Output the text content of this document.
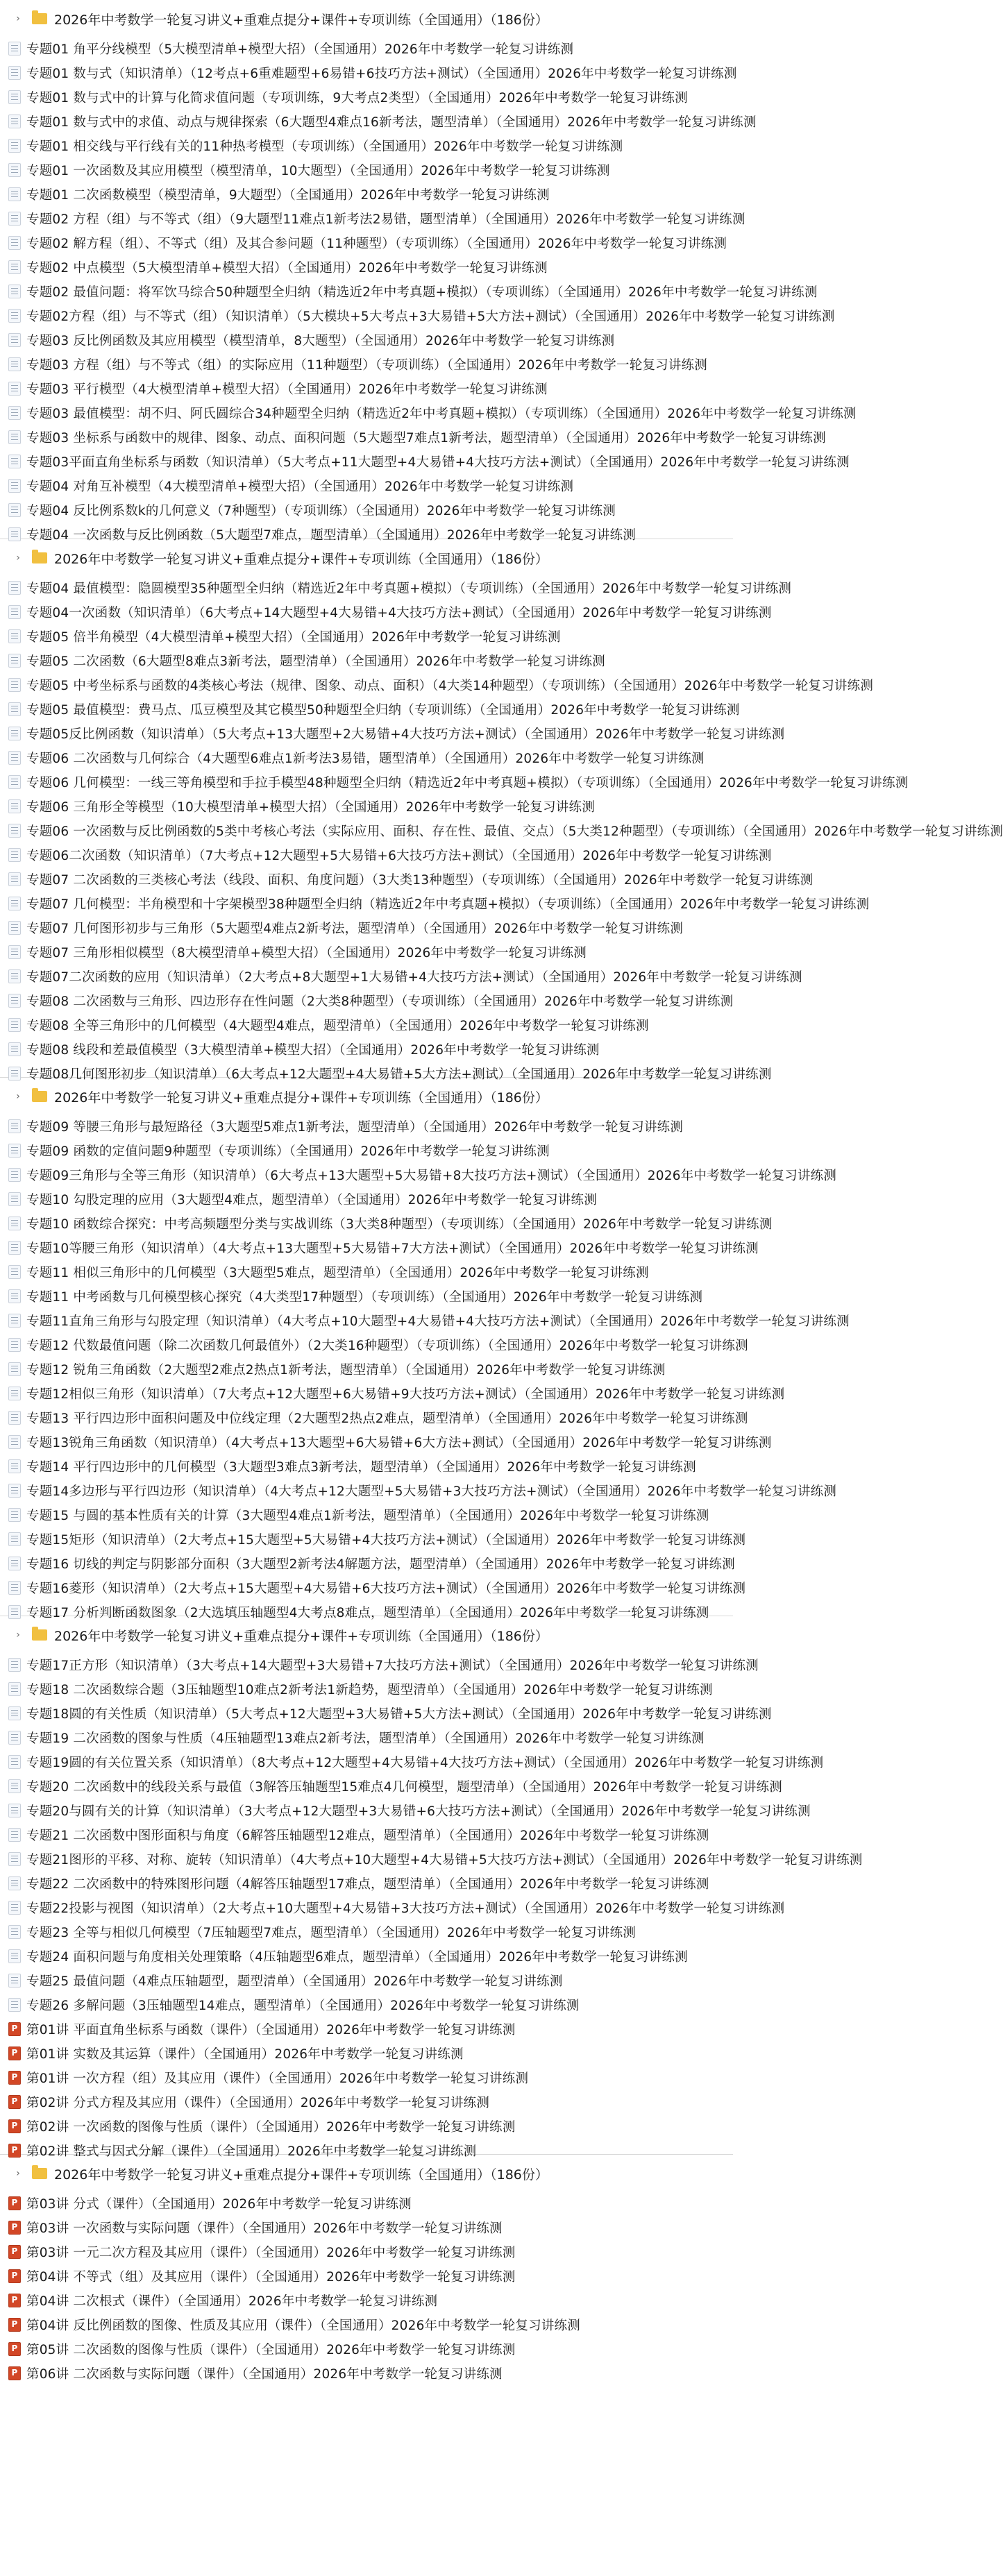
›	2026年中考数学一轮复习讲义+重难点提分+课件+专项训练（全国通用）（186份）
专题01 角平分线模型（5大模型清单+模型大招）（全国通用）2026年中考数学一轮复习讲练测
专题01 数与式（知识清单）（12考点+6重难题型+6易错+6技巧方法+测试）（全国通用）2026年中考数学一轮复习讲练测
专题01 数与式中的计算与化简求值问题（专项训练，9大考点2类型）（全国通用）2026年中考数学一轮复习讲练测
专题01 数与式中的求值、动点与规律探索（6大题型4难点16新考法，题型清单）（全国通用）2026年中考数学一轮复习讲练测
专题01 相交线与平行线有关的11种热考模型（专项训练）（全国通用）2026年中考数学一轮复习讲练测
专题01 一次函数及其应用模型（模型清单，10大题型）（全国通用）2026年中考数学一轮复习讲练测
专题01 二次函数模型（模型清单，9大题型）（全国通用）2026年中考数学一轮复习讲练测
专题02 方程（组）与不等式（组）（9大题型11难点1新考法2易错，题型清单）（全国通用）2026年中考数学一轮复习讲练测
专题02 解方程（组）、不等式（组）及其合参问题（11种题型）（专项训练）（全国通用）2026年中考数学一轮复习讲练测
专题02 中点模型（5大模型清单+模型大招）（全国通用）2026年中考数学一轮复习讲练测
专题02 最值问题：将军饮马综合50种题型全归纳（精选近2年中考真题+模拟）（专项训练）（全国通用）2026年中考数学一轮复习讲练测
专题02方程（组）与不等式（组）（知识清单）（5大模块+5大考点+3大易错+5大方法+测试）（全国通用）2026年中考数学一轮复习讲练测
专题03 反比例函数及其应用模型（模型清单，8大题型）（全国通用）2026年中考数学一轮复习讲练测
专题03 方程（组）与不等式（组）的实际应用（11种题型）（专项训练）（全国通用）2026年中考数学一轮复习讲练测
专题03 平行模型（4大模型清单+模型大招）（全国通用）2026年中考数学一轮复习讲练测
专题03 最值模型：胡不归、阿氏圆综合34种题型全归纳（精选近2年中考真题+模拟）（专项训练）（全国通用）2026年中考数学一轮复习讲练测
专题03 坐标系与函数中的规律、图象、动点、面积问题（5大题型7难点1新考法，题型清单）（全国通用）2026年中考数学一轮复习讲练测
专题03平面直角坐标系与函数（知识清单）（5大考点+11大题型+4大易错+4大技巧方法+测试）（全国通用）2026年中考数学一轮复习讲练测
专题04 对角互补模型（4大模型清单+模型大招）（全国通用）2026年中考数学一轮复习讲练测
专题04 反比例系数k的几何意义（7种题型）（专项训练）（全国通用）2026年中考数学一轮复习讲练测
专题04 一次函数与反比例函数（5大题型7难点，题型清单）（全国通用）2026年中考数学一轮复习讲练测
›	2026年中考数学一轮复习讲义+重难点提分+课件+专项训练（全国通用）（186份）
专题04 最值模型：隐圆模型35种题型全归纳（精选近2年中考真题+模拟）（专项训练）（全国通用）2026年中考数学一轮复习讲练测
专题04一次函数（知识清单）（6大考点+14大题型+4大易错+4大技巧方法+测试）（全国通用）2026年中考数学一轮复习讲练测
专题05 倍半角模型（4大模型清单+模型大招）（全国通用）2026年中考数学一轮复习讲练测
专题05 二次函数（6大题型8难点3新考法，题型清单）（全国通用）2026年中考数学一轮复习讲练测
专题05 中考坐标系与函数的4类核心考法（规律、图象、动点、面积）（4大类14种题型）（专项训练）（全国通用）2026年中考数学一轮复习讲练测
专题05 最值模型：费马点、瓜豆模型及其它模型50种题型全归纳（专项训练）（全国通用）2026年中考数学一轮复习讲练测
专题05反比例函数（知识清单）（5大考点+13大题型+2大易错+4大技巧方法+测试）（全国通用）2026年中考数学一轮复习讲练测
专题06 二次函数与几何综合（4大题型6难点1新考法3易错，题型清单）（全国通用）2026年中考数学一轮复习讲练测
专题06 几何模型：一线三等角模型和手拉手模型48种题型全归纳（精选近2年中考真题+模拟）（专项训练）（全国通用）2026年中考数学一轮复习讲练测
专题06 三角形全等模型（10大模型清单+模型大招）（全国通用）2026年中考数学一轮复习讲练测
专题06 一次函数与反比例函数的5类中考核心考法（实际应用、面积、存在性、最值、交点）（5大类12种题型）（专项训练）（全国通用）2026年中考数学一轮复习讲练测
专题06二次函数（知识清单）（7大考点+12大题型+5大易错+6大技巧方法+测试）（全国通用）2026年中考数学一轮复习讲练测
专题07 二次函数的三类核心考法（线段、面积、角度问题）（3大类13种题型）（专项训练）（全国通用）2026年中考数学一轮复习讲练测
专题07 几何模型：半角模型和十字架模型38种题型全归纳（精选近2年中考真题+模拟）（专项训练）（全国通用）2026年中考数学一轮复习讲练测
专题07 几何图形初步与三角形（5大题型4难点2新考法，题型清单）（全国通用）2026年中考数学一轮复习讲练测
专题07 三角形相似模型（8大模型清单+模型大招）（全国通用）2026年中考数学一轮复习讲练测
专题07二次函数的应用（知识清单）（2大考点+8大题型+1大易错+4大技巧方法+测试）（全国通用）2026年中考数学一轮复习讲练测
专题08 二次函数与三角形、四边形存在性问题（2大类8种题型）（专项训练）（全国通用）2026年中考数学一轮复习讲练测
专题08 全等三角形中的几何模型（4大题型4难点，题型清单）（全国通用）2026年中考数学一轮复习讲练测
专题08 线段和差最值模型（3大模型清单+模型大招）（全国通用）2026年中考数学一轮复习讲练测
专题08几何图形初步（知识清单）（6大考点+12大题型+4大易错+5大方法+测试）（全国通用）2026年中考数学一轮复习讲练测
›	2026年中考数学一轮复习讲义+重难点提分+课件+专项训练（全国通用）（186份）
专题09 等腰三角形与最短路径（3大题型5难点1新考法，题型清单）（全国通用）2026年中考数学一轮复习讲练测
专题09 函数的定值问题9种题型（专项训练）（全国通用）2026年中考数学一轮复习讲练测
专题09三角形与全等三角形（知识清单）（6大考点+13大题型+5大易错+8大技巧方法+测试）（全国通用）2026年中考数学一轮复习讲练测
专题10 勾股定理的应用（3大题型4难点，题型清单）（全国通用）2026年中考数学一轮复习讲练测
专题10 函数综合探究：中考高频题型分类与实战训练（3大类8种题型）（专项训练）（全国通用）2026年中考数学一轮复习讲练测
专题10等腰三角形（知识清单）（4大考点+13大题型+5大易错+7大方法+测试）（全国通用）2026年中考数学一轮复习讲练测
专题11 相似三角形中的几何模型（3大题型5难点，题型清单）（全国通用）2026年中考数学一轮复习讲练测
专题11 中考函数与几何模型核心探究（4大类型17种题型）（专项训练）（全国通用）2026年中考数学一轮复习讲练测
专题11直角三角形与勾股定理（知识清单）（4大考点+10大题型+4大易错+4大技巧方法+测试）（全国通用）2026年中考数学一轮复习讲练测
专题12 代数最值问题（除二次函数几何最值外）（2大类16种题型）（专项训练）（全国通用）2026年中考数学一轮复习讲练测
专题12 锐角三角函数（2大题型2难点2热点1新考法，题型清单）（全国通用）2026年中考数学一轮复习讲练测
专题12相似三角形（知识清单）（7大考点+12大题型+6大易错+9大技巧方法+测试）（全国通用）2026年中考数学一轮复习讲练测
专题13 平行四边形中面积问题及中位线定理（2大题型2热点2难点，题型清单）（全国通用）2026年中考数学一轮复习讲练测
专题13锐角三角函数（知识清单）（4大考点+13大题型+6大易错+6大方法+测试）（全国通用）2026年中考数学一轮复习讲练测
专题14 平行四边形中的几何模型（3大题型3难点3新考法，题型清单）（全国通用）2026年中考数学一轮复习讲练测
专题14多边形与平行四边形（知识清单）（4大考点+12大题型+5大易错+3大技巧方法+测试）（全国通用）2026年中考数学一轮复习讲练测
专题15 与圆的基本性质有关的计算（3大题型4难点1新考法，题型清单）（全国通用）2026年中考数学一轮复习讲练测
专题15矩形（知识清单）（2大考点+15大题型+5大易错+4大技巧方法+测试）（全国通用）2026年中考数学一轮复习讲练测
专题16 切线的判定与阴影部分面积（3大题型2新考法4解题方法，题型清单）（全国通用）2026年中考数学一轮复习讲练测
专题16菱形（知识清单）（2大考点+15大题型+4大易错+6大技巧方法+测试）（全国通用）2026年中考数学一轮复习讲练测
专题17 分析判断函数图象（2大选填压轴题型4大考点8难点，题型清单）（全国通用）2026年中考数学一轮复习讲练测
›	2026年中考数学一轮复习讲义+重难点提分+课件+专项训练（全国通用）（186份）
专题17正方形（知识清单）（3大考点+14大题型+3大易错+7大技巧方法+测试）（全国通用）2026年中考数学一轮复习讲练测
专题18 二次函数综合题（3压轴题型10难点2新考法1新趋势，题型清单）（全国通用）2026年中考数学一轮复习讲练测
专题18圆的有关性质（知识清单）（5大考点+12大题型+3大易错+5大方法+测试）（全国通用）2026年中考数学一轮复习讲练测
专题19 二次函数的图象与性质（4压轴题型13难点2新考法，题型清单）（全国通用）2026年中考数学一轮复习讲练测
专题19圆的有关位置关系（知识清单）（8大考点+12大题型+4大易错+4大技巧方法+测试）（全国通用）2026年中考数学一轮复习讲练测
专题20 二次函数中的线段关系与最值（3解答压轴题型15难点4几何模型，题型清单）（全国通用）2026年中考数学一轮复习讲练测
专题20与圆有关的计算（知识清单）（3大考点+12大题型+3大易错+6大技巧方法+测试）（全国通用）2026年中考数学一轮复习讲练测
专题21 二次函数中图形面积与角度（6解答压轴题型12难点，题型清单）（全国通用）2026年中考数学一轮复习讲练测
专题21图形的平移、对称、旋转（知识清单）（4大考点+10大题型+4大易错+5大技巧方法+测试）（全国通用）2026年中考数学一轮复习讲练测
专题22 二次函数中的特殊图形问题（4解答压轴题型17难点，题型清单）（全国通用）2026年中考数学一轮复习讲练测
专题22投影与视图（知识清单）（2大考点+10大题型+4大易错+3大技巧方法+测试）（全国通用）2026年中考数学一轮复习讲练测
专题23 全等与相似几何模型（7压轴题型7难点，题型清单）（全国通用）2026年中考数学一轮复习讲练测
专题24 面积问题与角度相关处理策略（4压轴题型6难点，题型清单）（全国通用）2026年中考数学一轮复习讲练测
专题25 最值问题（4难点压轴题型，题型清单）（全国通用）2026年中考数学一轮复习讲练测
专题26 多解问题（3压轴题型14难点，题型清单）（全国通用）2026年中考数学一轮复习讲练测
P
第01讲 平面直角坐标系与函数（课件）（全国通用）2026年中考数学一轮复习讲练测
P
第01讲 实数及其运算（课件）（全国通用）2026年中考数学一轮复习讲练测
P
第01讲 一次方程（组）及其应用（课件）（全国通用）2026年中考数学一轮复习讲练测
P
第02讲 分式方程及其应用（课件）（全国通用）2026年中考数学一轮复习讲练测
P
第02讲 一次函数的图像与性质（课件）（全国通用）2026年中考数学一轮复习讲练测
P
第02讲 整式与因式分解（课件）（全国通用）2026年中考数学一轮复习讲练测
›	2026年中考数学一轮复习讲义+重难点提分+课件+专项训练（全国通用）（186份）
P
第03讲 分式（课件）（全国通用）2026年中考数学一轮复习讲练测
P
第03讲 一次函数与实际问题（课件）（全国通用）2026年中考数学一轮复习讲练测
P
第03讲 一元二次方程及其应用（课件）（全国通用）2026年中考数学一轮复习讲练测
P
第04讲 不等式（组）及其应用（课件）（全国通用）2026年中考数学一轮复习讲练测
P
第04讲 二次根式（课件）（全国通用）2026年中考数学一轮复习讲练测
P
第04讲 反比例函数的图像、性质及其应用（课件）（全国通用）2026年中考数学一轮复习讲练测
P
第05讲 二次函数的图像与性质（课件）（全国通用）2026年中考数学一轮复习讲练测
P
第06讲 二次函数与实际问题（课件）（全国通用）2026年中考数学一轮复习讲练测
